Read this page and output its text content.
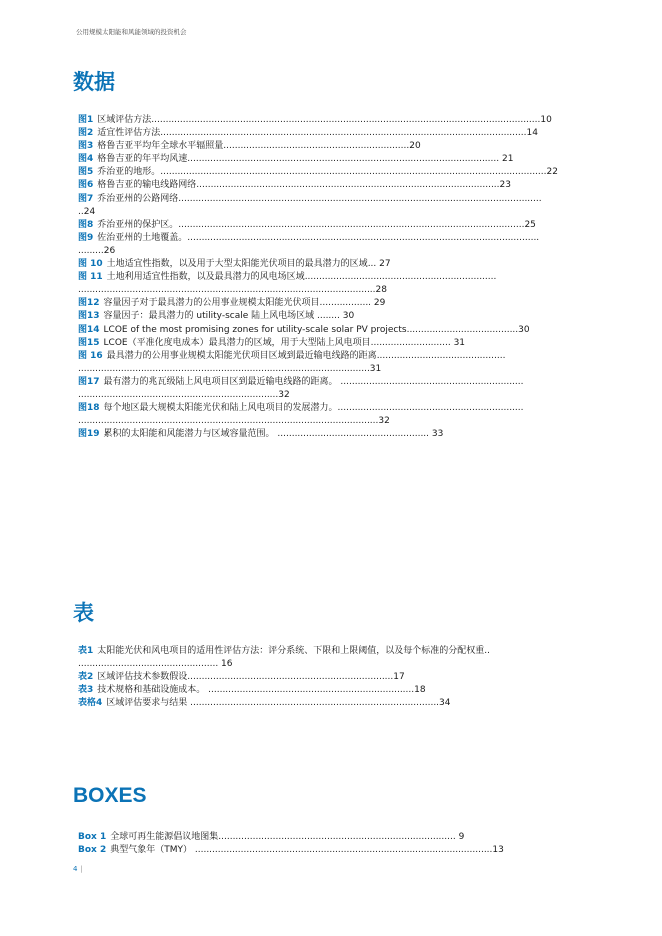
公用规模太阳能和风能领域的投资机会
数据
图1 区域评估方法........................................................................................................................................10
图2 适宜性评估方法................................................................................................................................14
图3 格鲁吉亚平均年全球水平辐照量.................................................................20
图4 格鲁吉亚的年平均风速............................................................................................................. 21
图5 乔治亚的地形。.......................................................................................................................................22
图6 格鲁吉亚的输电线路网络..........................................................................................................23
图7 乔治亚州的公路网络...............................................................................................................................
..24
图8 乔治亚州的保护区。.........................................................................................................................25
图9 佐治亚州的土地覆盖。...........................................................................................................................
.........26
图 10 土地适宜性指数，以及用于大型太阳能光伏项目的最具潜力的区域... 27
图 11 土地利用适宜性指数，以及最具潜力的风电场区域...................................................................
........................................................................................................28
图12 容量因子对于最具潜力的公用事业规模太阳能光伏项目.................. 29
图13 容量因子：最具潜力的 utility-scale 陆上风电场区域 ........ 30
图14 LCOE of the most promising zones for utility-scale solar PV projects.......................................30
图15 LCOE（平准化度电成本）最具潜力的区域，用于大型陆上风电项目............................ 31
图 16 最具潜力的公用事业规模太阳能光伏项目区域到最近输电线路的距离.............................................
......................................................................................................31
图17 最有潜力的兆瓦级陆上风电项目区到最近输电线路的距离。 ................................................................
......................................................................32
图18 每个地区最大规模太阳能光伏和陆上风电项目的发展潜力。.................................................................
.........................................................................................................32
图19 累积的太阳能和风能潜力与区域容量范围。 ..................................................... 33
表
表1 太阳能光伏和风电项目的适用性评估方法：评分系统、下限和上限阈值，以及每个标准的分配权重..
................................................. 16
表2 区域评估技术参数假设........................................................................17
表3 技术规格和基础设施成本。 ........................................................................18
表格4 区域评估要求与结果 .......................................................................................34
BOXES
Box 1 全球可再生能源倡议地图集................................................................................... 9
Box 2 典型气象年（TMY） ........................................................................................................13
4 |
